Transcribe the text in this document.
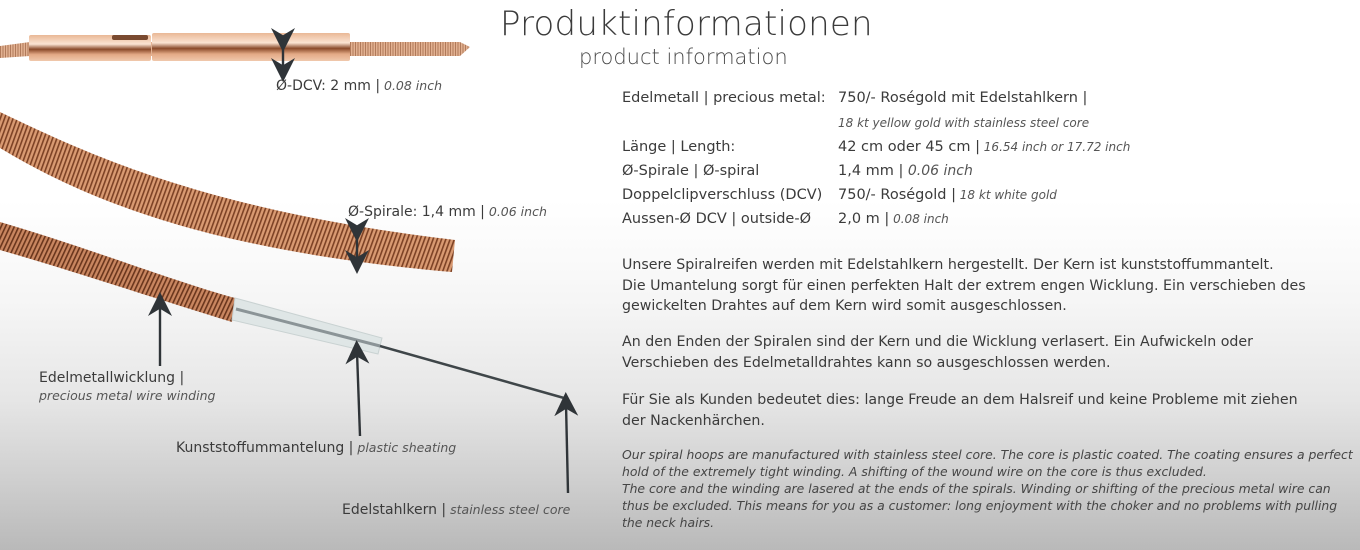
Ø-DCV: 2 mm | 0.08 inch
Ø-Spirale: 1,4 mm | 0.06 inch
Edelmetallwicklung |
precious metal wire winding
Kunststoffummantelung | plastic sheating
Edelstahlkern | stainless steel core
Produktinformationen
product information
Edelmetall | precious metal: 750/- Roségold mit Edelstahlkern |
18 kt yellow gold with stainless steel core
Länge | Length:	42 cm oder 45 cm | 16.54 inch or 17.72 inch
Ø-Spirale | Ø-spiral	1,4 mm | 0.06 inch
Doppelclipverschluss (DCV) 750/- Roségold | 18 kt white gold
Aussen-Ø DCV | outside-Ø 2,0 m | 0.08 inch
Unsere Spiralreifen werden mit Edelstahlkern hergestellt. Der Kern ist kunststoffummantelt.
Die Umantelung sorgt für einen perfekten Halt der extrem engen Wicklung. Ein verschieben des
gewickelten Drahtes auf dem Kern wird somit ausgeschlossen.
An den Enden der Spiralen sind der Kern und die Wicklung verlasert. Ein Aufwickeln oder
Verschieben des Edelmetalldrahtes kann so ausgeschlossen werden.
Für Sie als Kunden bedeutet dies: lange Freude an dem Halsreif und keine Probleme mit ziehen
der Nackenhärchen.
Our spiral hoops are manufactured with stainless steel core. The core is plastic coated. The coating ensures a perfect
hold of the extremely tight winding. A shifting of the wound wire on the core is thus excluded.
The core and the winding are lasered at the ends of the spirals. Winding or shifting of the precious metal wire can
thus be excluded. This means for you as a customer: long enjoyment with the choker and no problems with pulling
the neck hairs.
